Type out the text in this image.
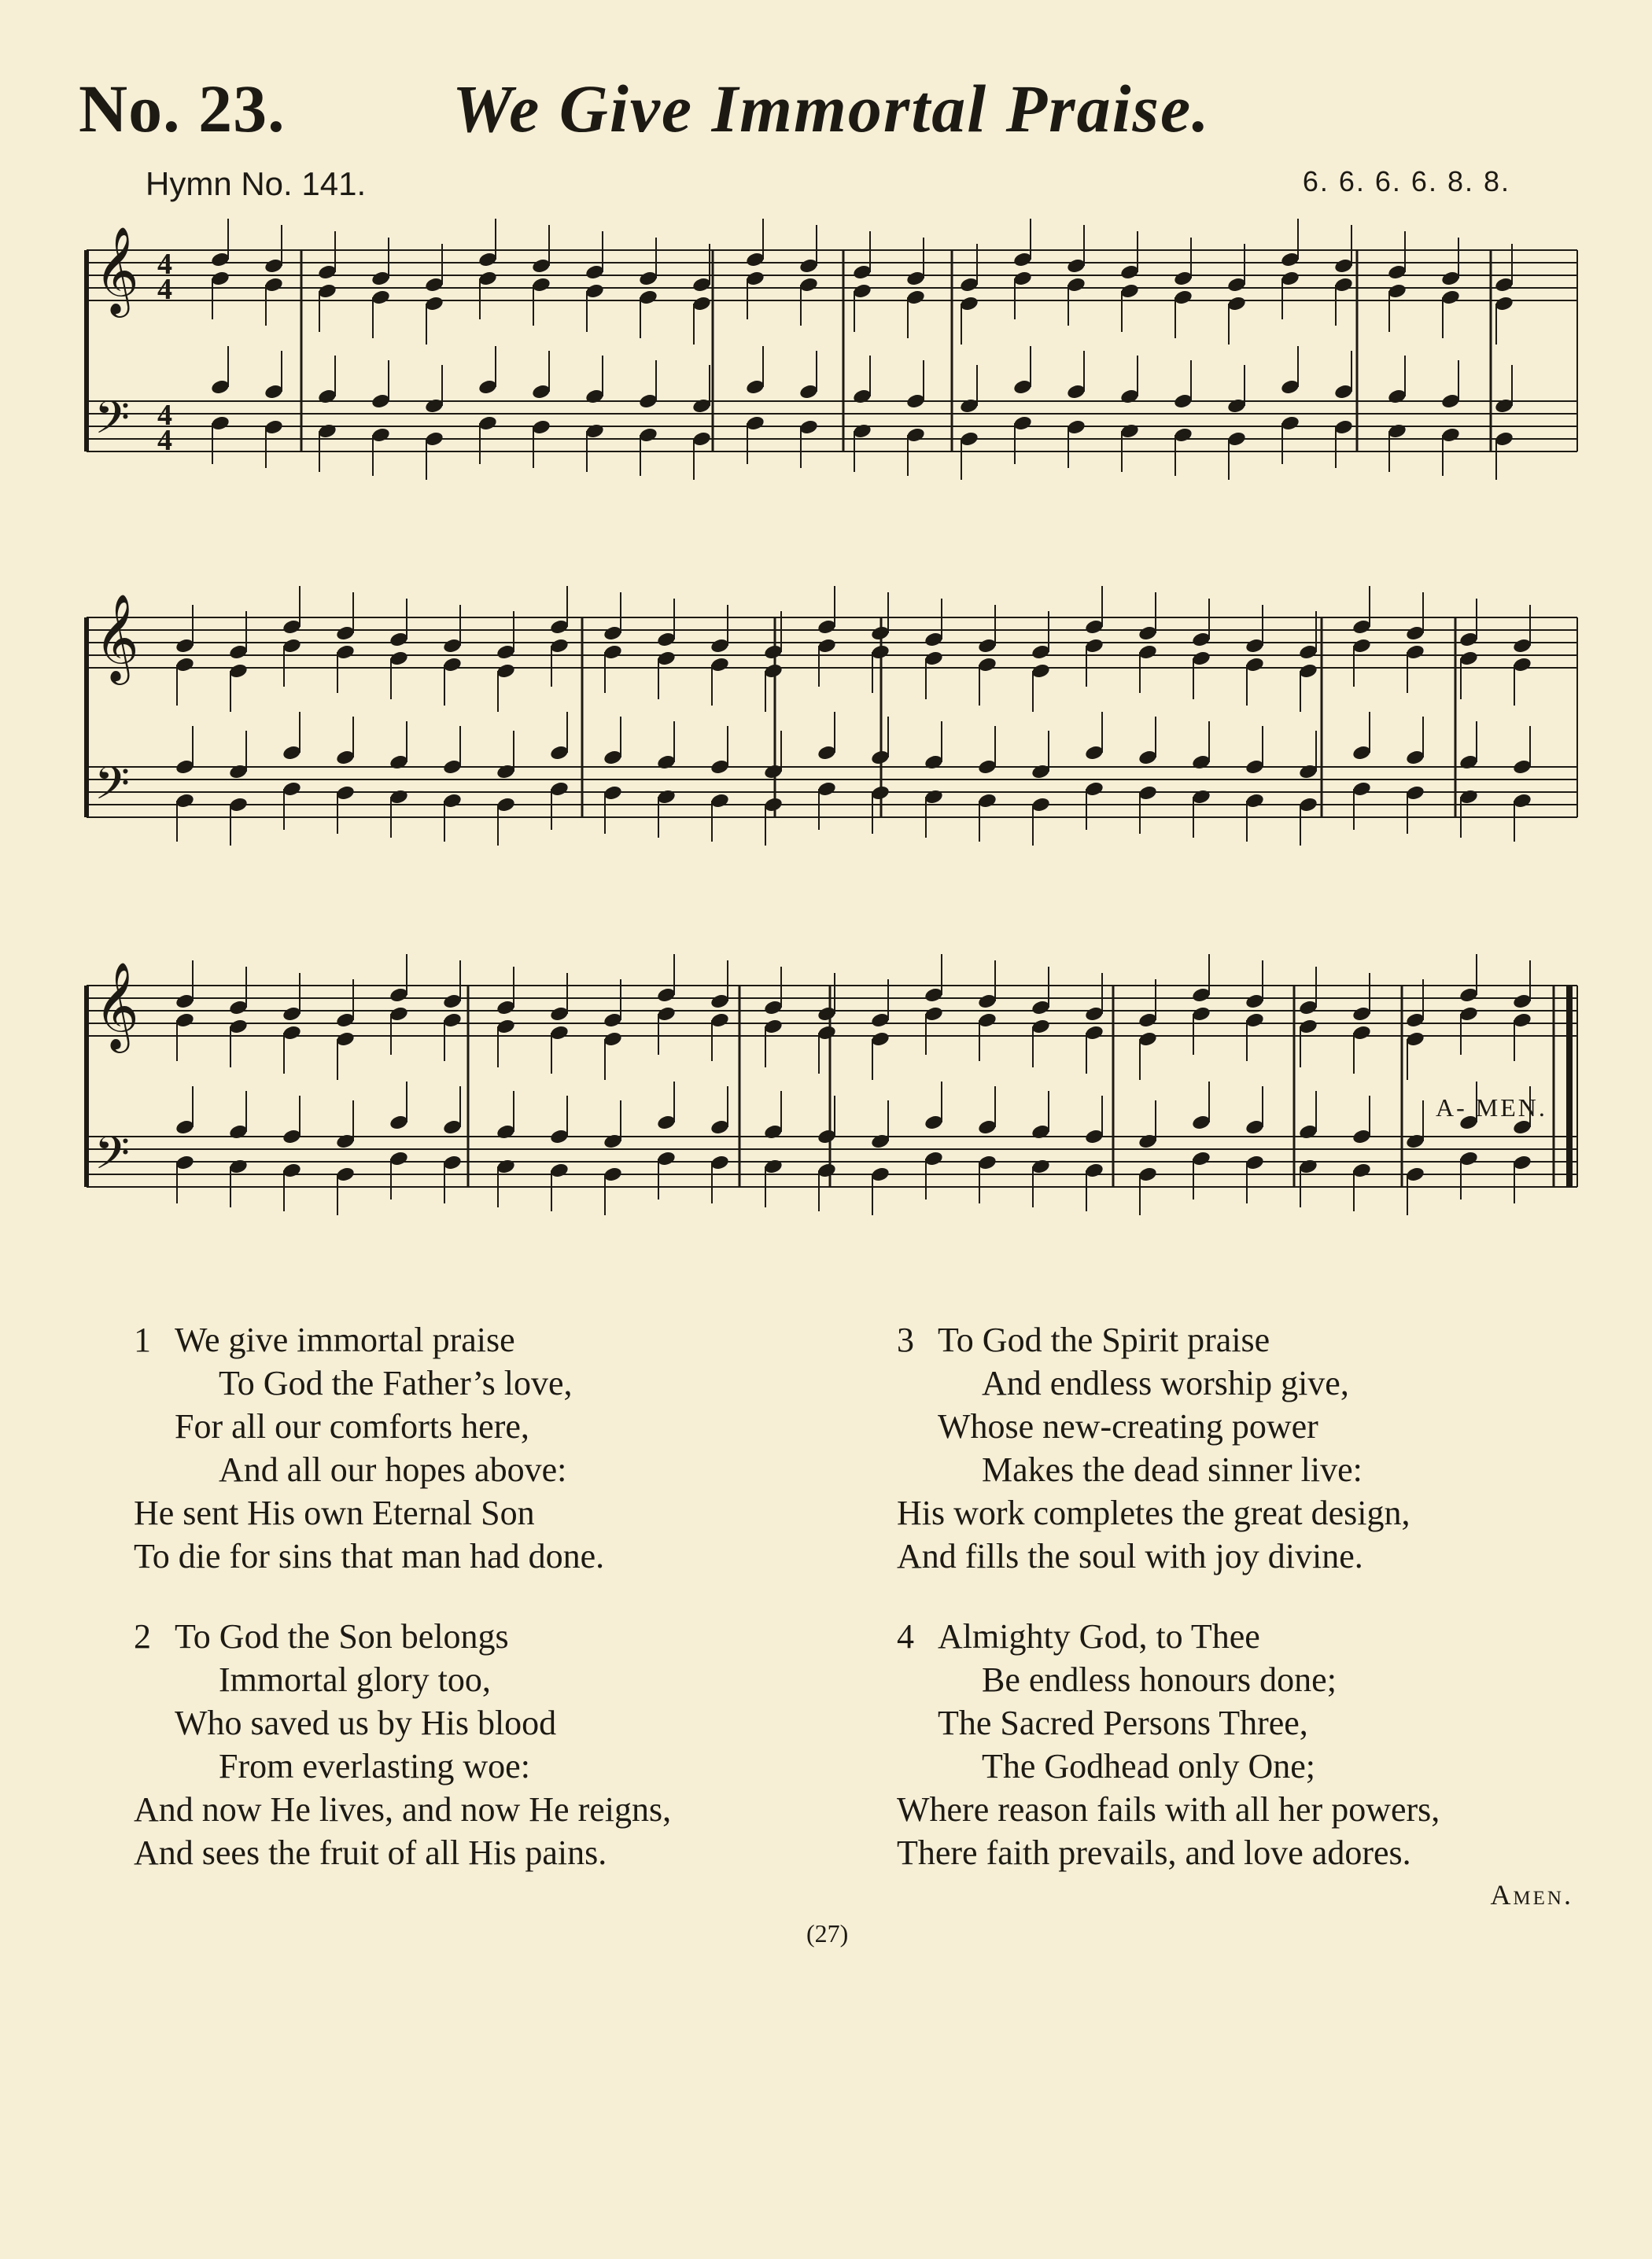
No. 23. We Give Immortal Praise.
Hymn No. 141.	6. 6. 6. 6. 8. 8.
𝄞
𝄢
4
4
4
4
𝄞
𝄢
𝄞
𝄢
A- MEN.
1 We give immortal praise
To God the Father’s love,
For all our comforts here,
And all our hopes above:
He sent His own Eternal Son
To die for sins that man had done.
2 To God the Son belongs
Immortal glory too,
Who saved us by His blood
From everlasting woe:
And now He lives, and now He reigns,
And sees the fruit of all His pains.
3 To God the Spirit praise
And endless worship give,
Whose new-creating power
Makes the dead sinner live:
His work completes the great design,
And fills the soul with joy divine.
4 Almighty God, to Thee
Be endless honours done;
The Sacred Persons Three,
The Godhead only One;
Where reason fails with all her powers,
There faith prevails, and love adores.
Amen.
(27)
